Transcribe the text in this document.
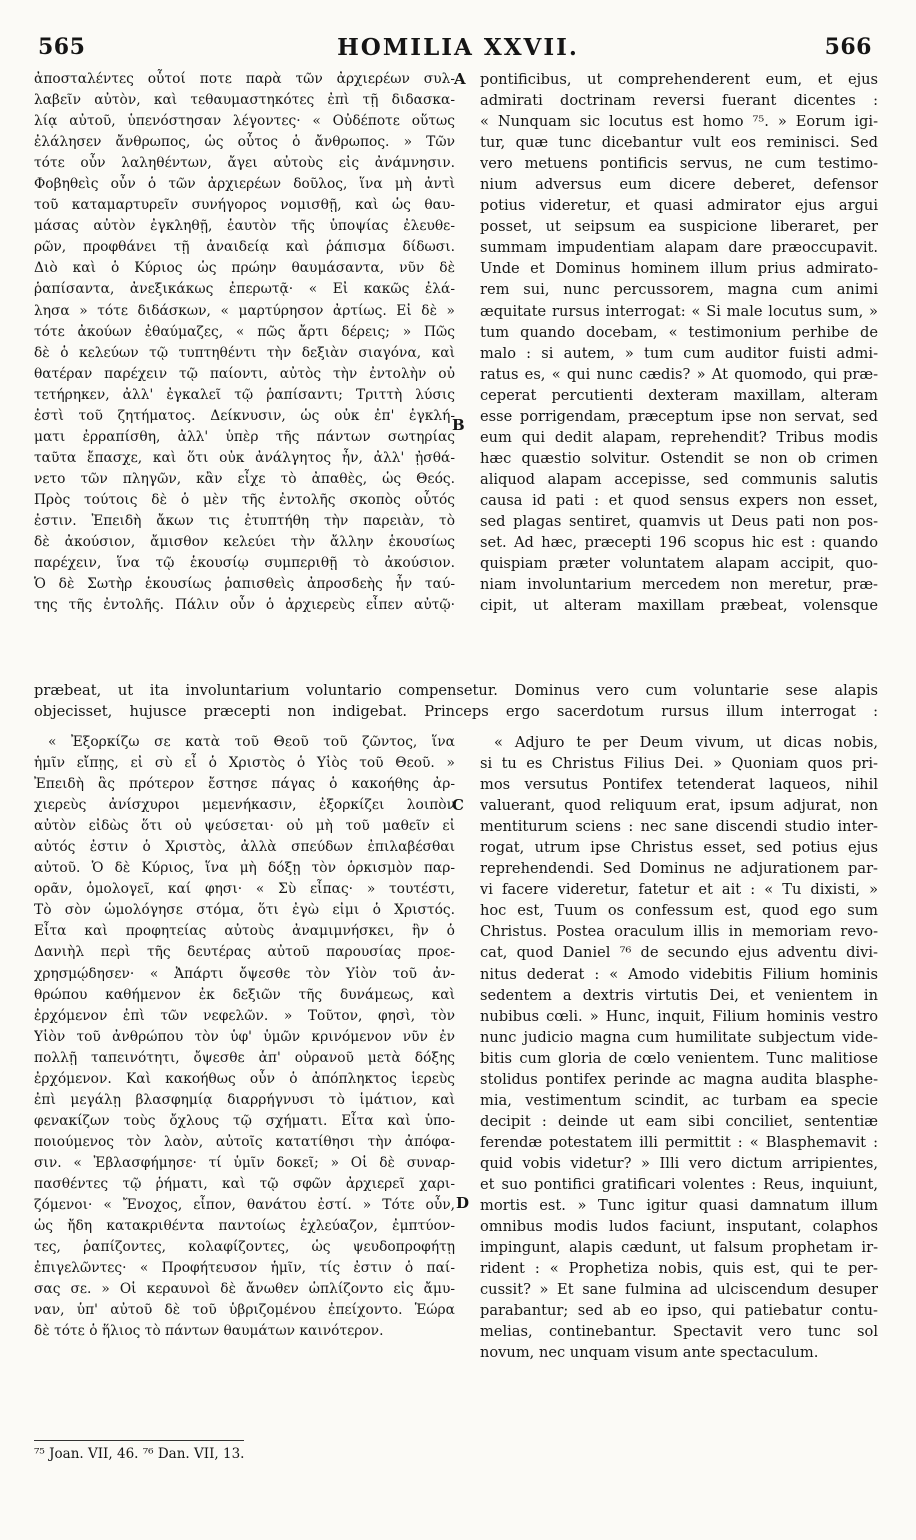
565	HOMILIA XXVII.	566
ἀποσταλέντες οὗτοί ποτε παρὰ τῶν ἀρχιερέων συλ-
λαβεῖν αὐτὸν, καὶ τεθαυμαστηκότες ἐπὶ τῇ διδασκα-
λίᾳ αὐτοῦ, ὑπενόστησαν λέγοντες· « Οὐδέποτε οὕτως
ἐλάλησεν ἄνθρωπος, ὡς οὗτος ὁ ἄνθρωπος. » Τῶν
τότε οὖν λαληθέντων, ἄγει αὐτοὺς εἰς ἀνάμνησιν.
Φοβηθεὶς οὖν ὁ τῶν ἀρχιερέων δοῦλος, ἵνα μὴ ἀντὶ
τοῦ καταμαρτυρεῖν συνήγορος νομισθῇ, καὶ ὡς θαυ-
μάσας αὐτὸν ἐγκληθῇ, ἑαυτὸν τῆς ὑποψίας ἐλευθε-
ρῶν, προφθάνει τῇ ἀναιδείᾳ καὶ ῥάπισμα δίδωσι.
Διὸ καὶ ὁ Κύριος ὡς πρώην θαυμάσαντα, νῦν δὲ
ῥαπίσαντα, ἀνεξικάκως ἐπερωτᾷ· « Εἰ κακῶς ἐλά-
λησα » τότε διδάσκων, « μαρτύρησον ἀρτίως. Εἰ δὲ »
τότε ἀκούων ἐθαύμαζες, « πῶς ἄρτι δέρεις; » Πῶς
δὲ ὁ κελεύων τῷ τυπτηθέντι τὴν δεξιὰν σιαγόνα, καὶ
θατέραν παρέχειν τῷ παίοντι, αὐτὸς τὴν ἐντολὴν οὐ
τετήρηκεν, ἀλλ' ἐγκαλεῖ τῷ ῥαπίσαντι; Τριττὴ λύσις
ἐστὶ τοῦ ζητήματος. Δείκνυσιν, ὡς οὐκ ἐπ' ἐγκλή-
ματι ἐρραπίσθη, ἀλλ' ὑπὲρ τῆς πάντων σωτηρίας
ταῦτα ἔπασχε, καὶ ὅτι οὐκ ἀνάλγητος ἦν, ἀλλ' ᾐσθά-
νετο τῶν πληγῶν, κἂν εἶχε τὸ ἀπαθὲς, ὡς Θεός.
Πρὸς τούτοις δὲ ὁ μὲν τῆς ἐντολῆς σκοπὸς οὗτός
ἐστιν. Ἐπειδὴ ἄκων τις ἐτυπτήθη τὴν παρειὰν, τὸ
δὲ ἀκούσιον, ἄμισθον κελεύει τὴν ἄλλην ἑκουσίως
παρέχειν, ἵνα τῷ ἑκουσίῳ συμπεριθῇ τὸ ἀκούσιον.
Ὁ δὲ Σωτὴρ ἑκουσίως ῥαπισθεὶς ἀπροσδεὴς ἦν ταύ-
της τῆς ἐντολῆς. Πάλιν οὖν ὁ ἀρχιερεὺς εἶπεν αὐτῷ·
pontificibus, ut comprehenderent eum, et ejus
admirati doctrinam reversi fuerant dicentes :
« Nunquam sic locutus est homo ⁷⁵. » Eorum igi-
tur, quæ tunc dicebantur vult eos reminisci. Sed
vero metuens pontificis servus, ne cum testimo-
nium adversus eum dicere deberet, defensor
potius videretur, et quasi admirator ejus argui
posset, ut seipsum ea suspicione liberaret, per
summam impudentiam alapam dare præoccupavit.
Unde et Dominus hominem illum prius admirato-
rem sui, nunc percussorem, magna cum animi
æquitate rursus interrogat: « Si male locutus sum, »
tum quando docebam, « testimonium perhibe de
malo : si autem, » tum cum auditor fuisti admi-
ratus es, « qui nunc cædis? » At quomodo, qui præ-
ceperat percutienti dexteram maxillam, alteram
esse porrigendam, præceptum ipse non servat, sed
eum qui dedit alapam, reprehendit? Tribus modis
hæc quæstio solvitur. Ostendit se non ob crimen
aliquod alapam accepisse, sed communis salutis
causa id pati : et quod sensus expers non esset,
sed plagas sentiret, quamvis ut Deus pati non pos-
set. Ad hæc, præcepti 196 scopus hic est : quando
quispiam præter voluntatem alapam accipit, quo-
niam involuntarium mercedem non meretur, præ-
cipit, ut alteram maxillam præbeat, volensque
præbeat, ut ita involuntarium voluntario compensetur. Dominus vero cum voluntarie sese alapis
objecisset, hujusce præcepti non indigebat. Princeps ergo sacerdotum rursus illum interrogat :
« Ἐξορκίζω σε κατὰ τοῦ Θεοῦ τοῦ ζῶντος, ἵνα
ἡμῖν εἴπῃς, εἰ σὺ εἶ ὁ Χριστὸς ὁ Υἱὸς τοῦ Θεοῦ. »
Ἐπειδὴ ἃς πρότερον ἔστησε πάγας ὁ κακοήθης ἀρ-
χιερεὺς ἀνίσχυροι μεμενήκασιν, ἐξορκίζει λοιπὸν
αὐτὸν εἰδὼς ὅτι οὐ ψεύσεται· οὐ μὴ τοῦ μαθεῖν εἰ
αὐτός ἐστιν ὁ Χριστὸς, ἀλλὰ σπεύδων ἐπιλαβέσθαι
αὐτοῦ. Ὁ δὲ Κύριος, ἵνα μὴ δόξῃ τὸν ὁρκισμὸν παρ-
ορᾶν, ὁμολογεῖ, καί φησι· « Σὺ εἶπας· » τουτέστι,
Τὸ σὸν ὡμολόγησε στόμα, ὅτι ἐγὼ εἰμι ὁ Χριστός.
Εἶτα καὶ προφητείας αὐτοὺς ἀναμιμνήσκει, ἣν ὁ
Δανιὴλ περὶ τῆς δευτέρας αὐτοῦ παρουσίας προε-
χρησμῴδησεν· « Ἀπάρτι ὄψεσθε τὸν Υἱὸν τοῦ ἀν-
θρώπου καθήμενον ἐκ δεξιῶν τῆς δυνάμεως, καὶ
ἐρχόμενον ἐπὶ τῶν νεφελῶν. » Τοῦτον, φησὶ, τὸν
Υἱὸν τοῦ ἀνθρώπου τὸν ὑφ' ὑμῶν κρινόμενον νῦν ἐν
πολλῇ ταπεινότητι, ὄψεσθε ἀπ' οὐρανοῦ μετὰ δόξης
ἐρχόμενον. Καὶ κακοήθως οὖν ὁ ἀπόπληκτος ἱερεὺς
ἐπὶ μεγάλῃ βλασφημίᾳ διαρρήγνυσι τὸ ἱμάτιον, καὶ
φενακίζων τοὺς ὄχλους τῷ σχήματι. Εἶτα καὶ ὑπο-
ποιούμενος τὸν λαὸν, αὐτοῖς κατατίθησι τὴν ἀπόφα-
σιν. « Ἐβλασφήμησε· τί ὑμῖν δοκεῖ; » Οἱ δὲ συναρ-
πασθέντες τῷ ῥήματι, καὶ τῷ σφῶν ἀρχιερεῖ χαρι-
ζόμενοι· « Ἔνοχος, εἶπον, θανάτου ἐστί. » Τότε οὖν,
ὡς ἤδη κατακριθέντα παντοίως ἐχλεύαζον, ἐμπτύον-
τες, ῥαπίζοντες, κολαφίζοντες, ὡς ψευδοπροφήτῃ
ἐπιγελῶντες· « Προφήτευσον ἡμῖν, τίς ἐστιν ὁ παί-
σας σε. » Οἱ κεραυνοὶ δὲ ἄνωθεν ὡπλίζοντο εἰς ἄμυ-
ναν, ὑπ' αὐτοῦ δὲ τοῦ ὑβριζομένου ἐπείχοντο. Ἑώρα
δὲ τότε ὁ ἥλιος τὸ πάντων θαυμάτων καινότερον.
« Adjuro te per Deum vivum, ut dicas nobis,
si tu es Christus Filius Dei. » Quoniam quos pri-
mos versutus Pontifex tetenderat laqueos, nihil
valuerant, quod reliquum erat, ipsum adjurat, non
mentiturum sciens : nec sane discendi studio inter-
rogat, utrum ipse Christus esset, sed potius ejus
reprehendendi. Sed Dominus ne adjurationem par-
vi facere videretur, fatetur et ait : « Tu dixisti, »
hoc est, Tuum os confessum est, quod ego sum
Christus. Postea oraculum illis in memoriam revo-
cat, quod Daniel ⁷⁶ de secundo ejus adventu divi-
nitus dederat : « Amodo videbitis Filium hominis
sedentem a dextris virtutis Dei, et venientem in
nubibus cœli. » Hunc, inquit, Filium hominis vestro
nunc judicio magna cum humilitate subjectum vide-
bitis cum gloria de cœlo venientem. Tunc malitiose
stolidus pontifex perinde ac magna audita blasphe-
mia, vestimentum scindit, ac turbam ea specie
decipit : deinde ut eam sibi conciliet, sententiæ
ferendæ potestatem illi permittit : « Blasphemavit :
quid vobis videtur? » Illi vero dictum arripientes,
et suo pontifici gratificari volentes : Reus, inquiunt,
mortis est. » Tunc igitur quasi damnatum illum
omnibus modis ludos faciunt, insputant, colaphos
impingunt, alapis cædunt, ut falsum prophetam ir-
rident : « Prophetiza nobis, quis est, qui te per-
cussit? » Et sane fulmina ad ulciscendum desuper
parabantur; sed ab eo ipso, qui patiebatur contu-
melias, continebantur. Spectavit vero tunc sol
novum, nec unquam visum ante spectaculum.
A
B
C
D
⁷⁵ Joan. VII, 46. ⁷⁶ Dan. VII, 13.
